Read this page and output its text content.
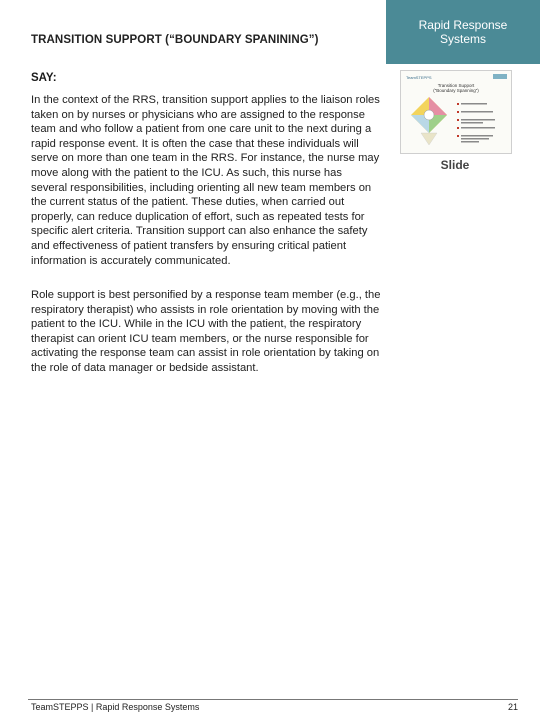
TRANSITION SUPPORT (“BOUNDARY SPANINING”)
Rapid Response
Systems
SAY:

In the context of the RRS, transition support applies to the liaison roles taken on by nurses or physicians who are assigned to the response team and who follow a patient from one care unit to the next during a rapid response event. It is often the case that these individuals will serve on more than one team in the RRS. For instance, the nurse may move along with the patient to the ICU. As such, this nurse has several responsibilities, including orienting all new team members on the current status of the patient. These duties, when carried out properly, can reduce duplication of effort, such as repeated tests for specific alert criteria. Transition support can also enhance the safety and effectiveness of patient transfers by ensuring critical patient information is accurately communicated.

Role support is best personified by a response team member (e.g., the respiratory therapist) who assists in role orientation by moving with the patient to the ICU. While in the ICU with the patient, the respiratory therapist can orient ICU team members, or the nurse responsible for activating the response team can assist in role orientation by taking on the role of data manager or bedside assistant.

TeamSTEPPS
Transition Support
(“Boundary Spanning”)
Slide
TeamSTEPPS | Rapid Response Systems	21
